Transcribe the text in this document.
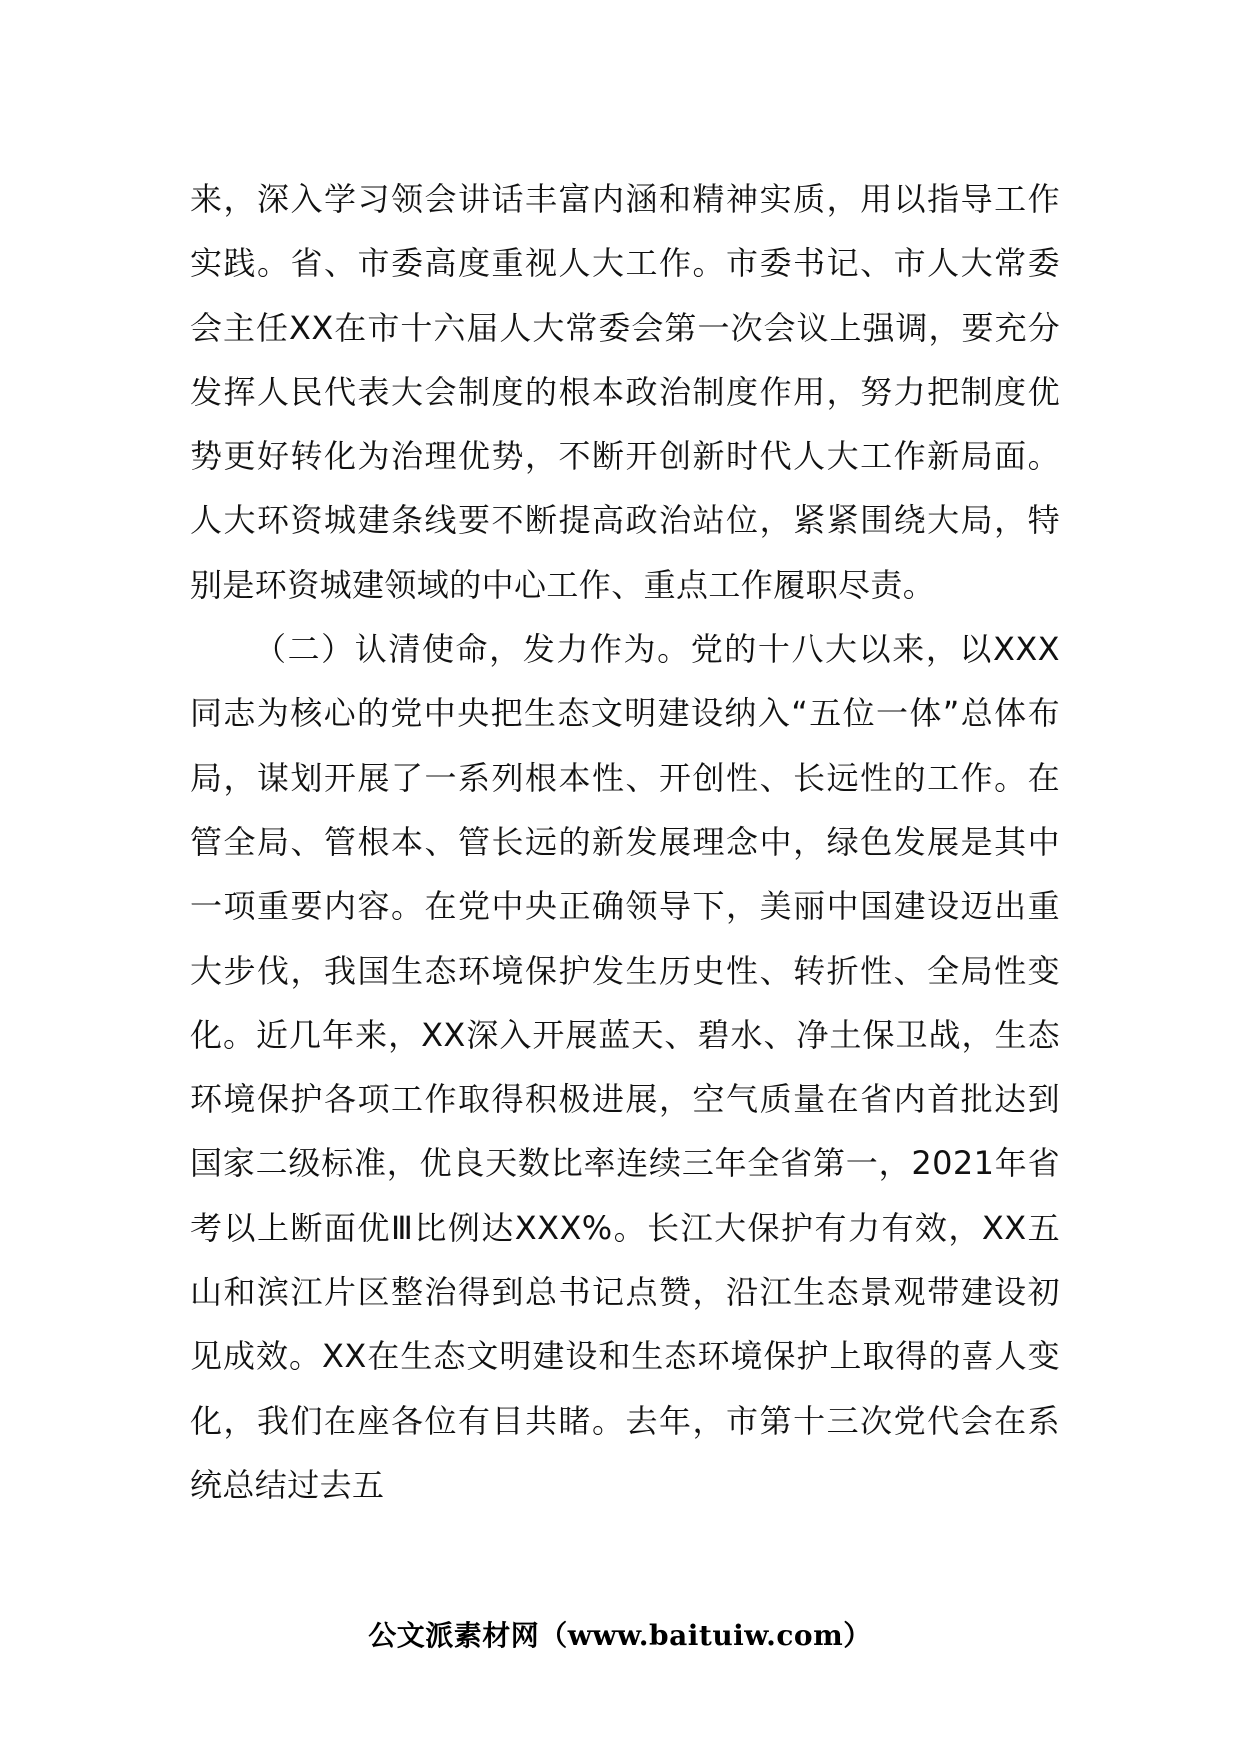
来，深入学习领会讲话丰富内涵和精神实质，用以指导工作实践。省、市委高度重视人大工作。市委书记、市人大常委会主任XX在市十六届人大常委会第一次会议上强调，要充分发挥人民代表大会制度的根本政治制度作用，努力把制度优势更好转化为治理优势，不断开创新时代人大工作新局面。人大环资城建条线要不断提高政治站位，紧紧围绕大局，特别是环资城建领域的中心工作、重点工作履职尽责。

（二）认清使命，发力作为。党的十八大以来，以XXX同志为核心的党中央把生态文明建设纳入“五位一体”总体布局，谋划开展了一系列根本性、开创性、长远性的工作。在管全局、管根本、管长远的新发展理念中，绿色发展是其中一项重要内容。在党中央正确领导下，美丽中国建设迈出重大步伐，我国生态环境保护发生历史性、转折性、全局性变化。近几年来，XX深入开展蓝天、碧水、净土保卫战，生态环境保护各项工作取得积极进展，空气质量在省内首批达到国家二级标准，优良天数比率连续三年全省第一，2021年省考以上断面优Ⅲ比例达XXX%。长江大保护有力有效，XX五山和滨江片区整治得到总书记点赞，沿江生态景观带建设初见成效。XX在生态文明建设和生态环境保护上取得的喜人变化，我们在座各位有目共睹。去年，市第十三次党代会在系统总结过去五

公文派素材网（www.baituiw.com）
